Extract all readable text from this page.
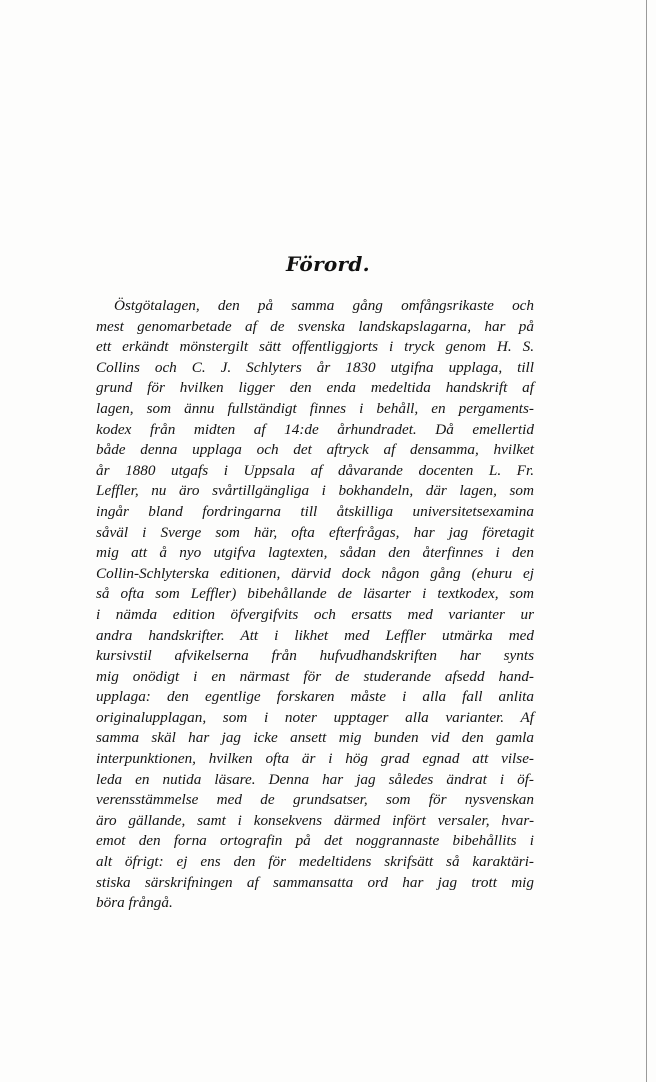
Förord.
Östgötalagen, den på samma gång omfångsrikaste och
mest genomarbetade af de svenska landskapslagarna, har på
ett erkändt mönstergilt sätt offentliggjorts i tryck genom H. S.
Collins och C. J. Schlyters år 1830 utgifna upplaga, till
grund för hvilken ligger den enda medeltida handskrift af
lagen, som ännu fullständigt finnes i behåll, en pergaments-
kodex från midten af 14:de århundradet. Då emellertid
både denna upplaga och det aftryck af densamma, hvilket
år 1880 utgafs i Uppsala af dåvarande docenten L. Fr.
Leffler, nu äro svårtillgängliga i bokhandeln, där lagen, som
ingår bland fordringarna till åtskilliga universitetsexamina
såväl i Sverge som här, ofta efterfrågas, har jag företagit
mig att å nyo utgifva lagtexten, sådan den återfinnes i den
Collin-Schlyterska editionen, därvid dock någon gång (ehuru ej
så ofta som Leffler) bibehållande de läsarter i textkodex, som
i nämda edition öfvergifvits och ersatts med varianter ur
andra handskrifter. Att i likhet med Leffler utmärka med
kursivstil afvikelserna från hufvudhandskriften har synts
mig onödigt i en närmast för de studerande afsedd hand-
upplaga: den egentlige forskaren måste i alla fall anlita
originalupplagan, som i noter upptager alla varianter. Af
samma skäl har jag icke ansett mig bunden vid den gamla
interpunktionen, hvilken ofta är i hög grad egnad att vilse-
leda en nutida läsare. Denna har jag således ändrat i öf-
verensstämmelse med de grundsatser, som för nysvenskan
äro gällande, samt i konsekvens därmed infört versaler, hvar-
emot den forna ortografin på det noggrannaste bibehållits i
alt öfrigt: ej ens den för medeltidens skrifsätt så karaktäri-
stiska särskrifningen af sammansatta ord har jag trott mig
böra frångå.
